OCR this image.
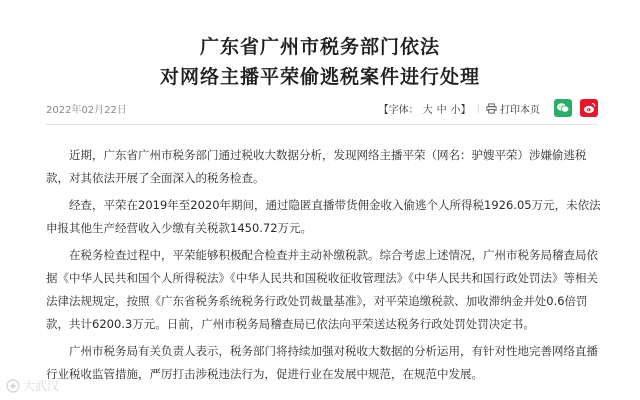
广东省广州市税务部门依法
对网络主播平荣偷逃税案件进行处理
2022年02月22日	【字体： 大 中 小 】 | 打印本页

近期，广东省广州市税务部门通过税收大数据分析，发现网络主播平荣（网名：驴嫂平荣）涉嫌偷逃税款，对其依法开展了全面深入的税务检查。

经查，平荣在2019年至2020年期间，通过隐匿直播带货佣金收入偷逃个人所得税1926.05万元，未依法申报其他生产经营收入少缴有关税款1450.72万元。

在税务检查过程中，平荣能够积极配合检查并主动补缴税款。综合考虑上述情况，广州市税务局稽查局依据《中华人民共和国个人所得税法》《中华人民共和国税收征收管理法》《中华人民共和国行政处罚法》等相关法律法规规定，按照《广东省税务系统税务行政处罚裁量基准》，对平荣追缴税款、加收滞纳金并处0.6倍罚款，共计6200.3万元。日前，广州市税务局稽查局已依法向平荣送达税务行政处罚处罚决定书。

广州市税务局有关负责人表示，税务部门将持续加强对税收大数据的分析运用，有针对性地完善网络直播行业税收监管措施，严厉打击涉税违法行为，促进行业在发展中规范，在规范中发展。

大武汉
